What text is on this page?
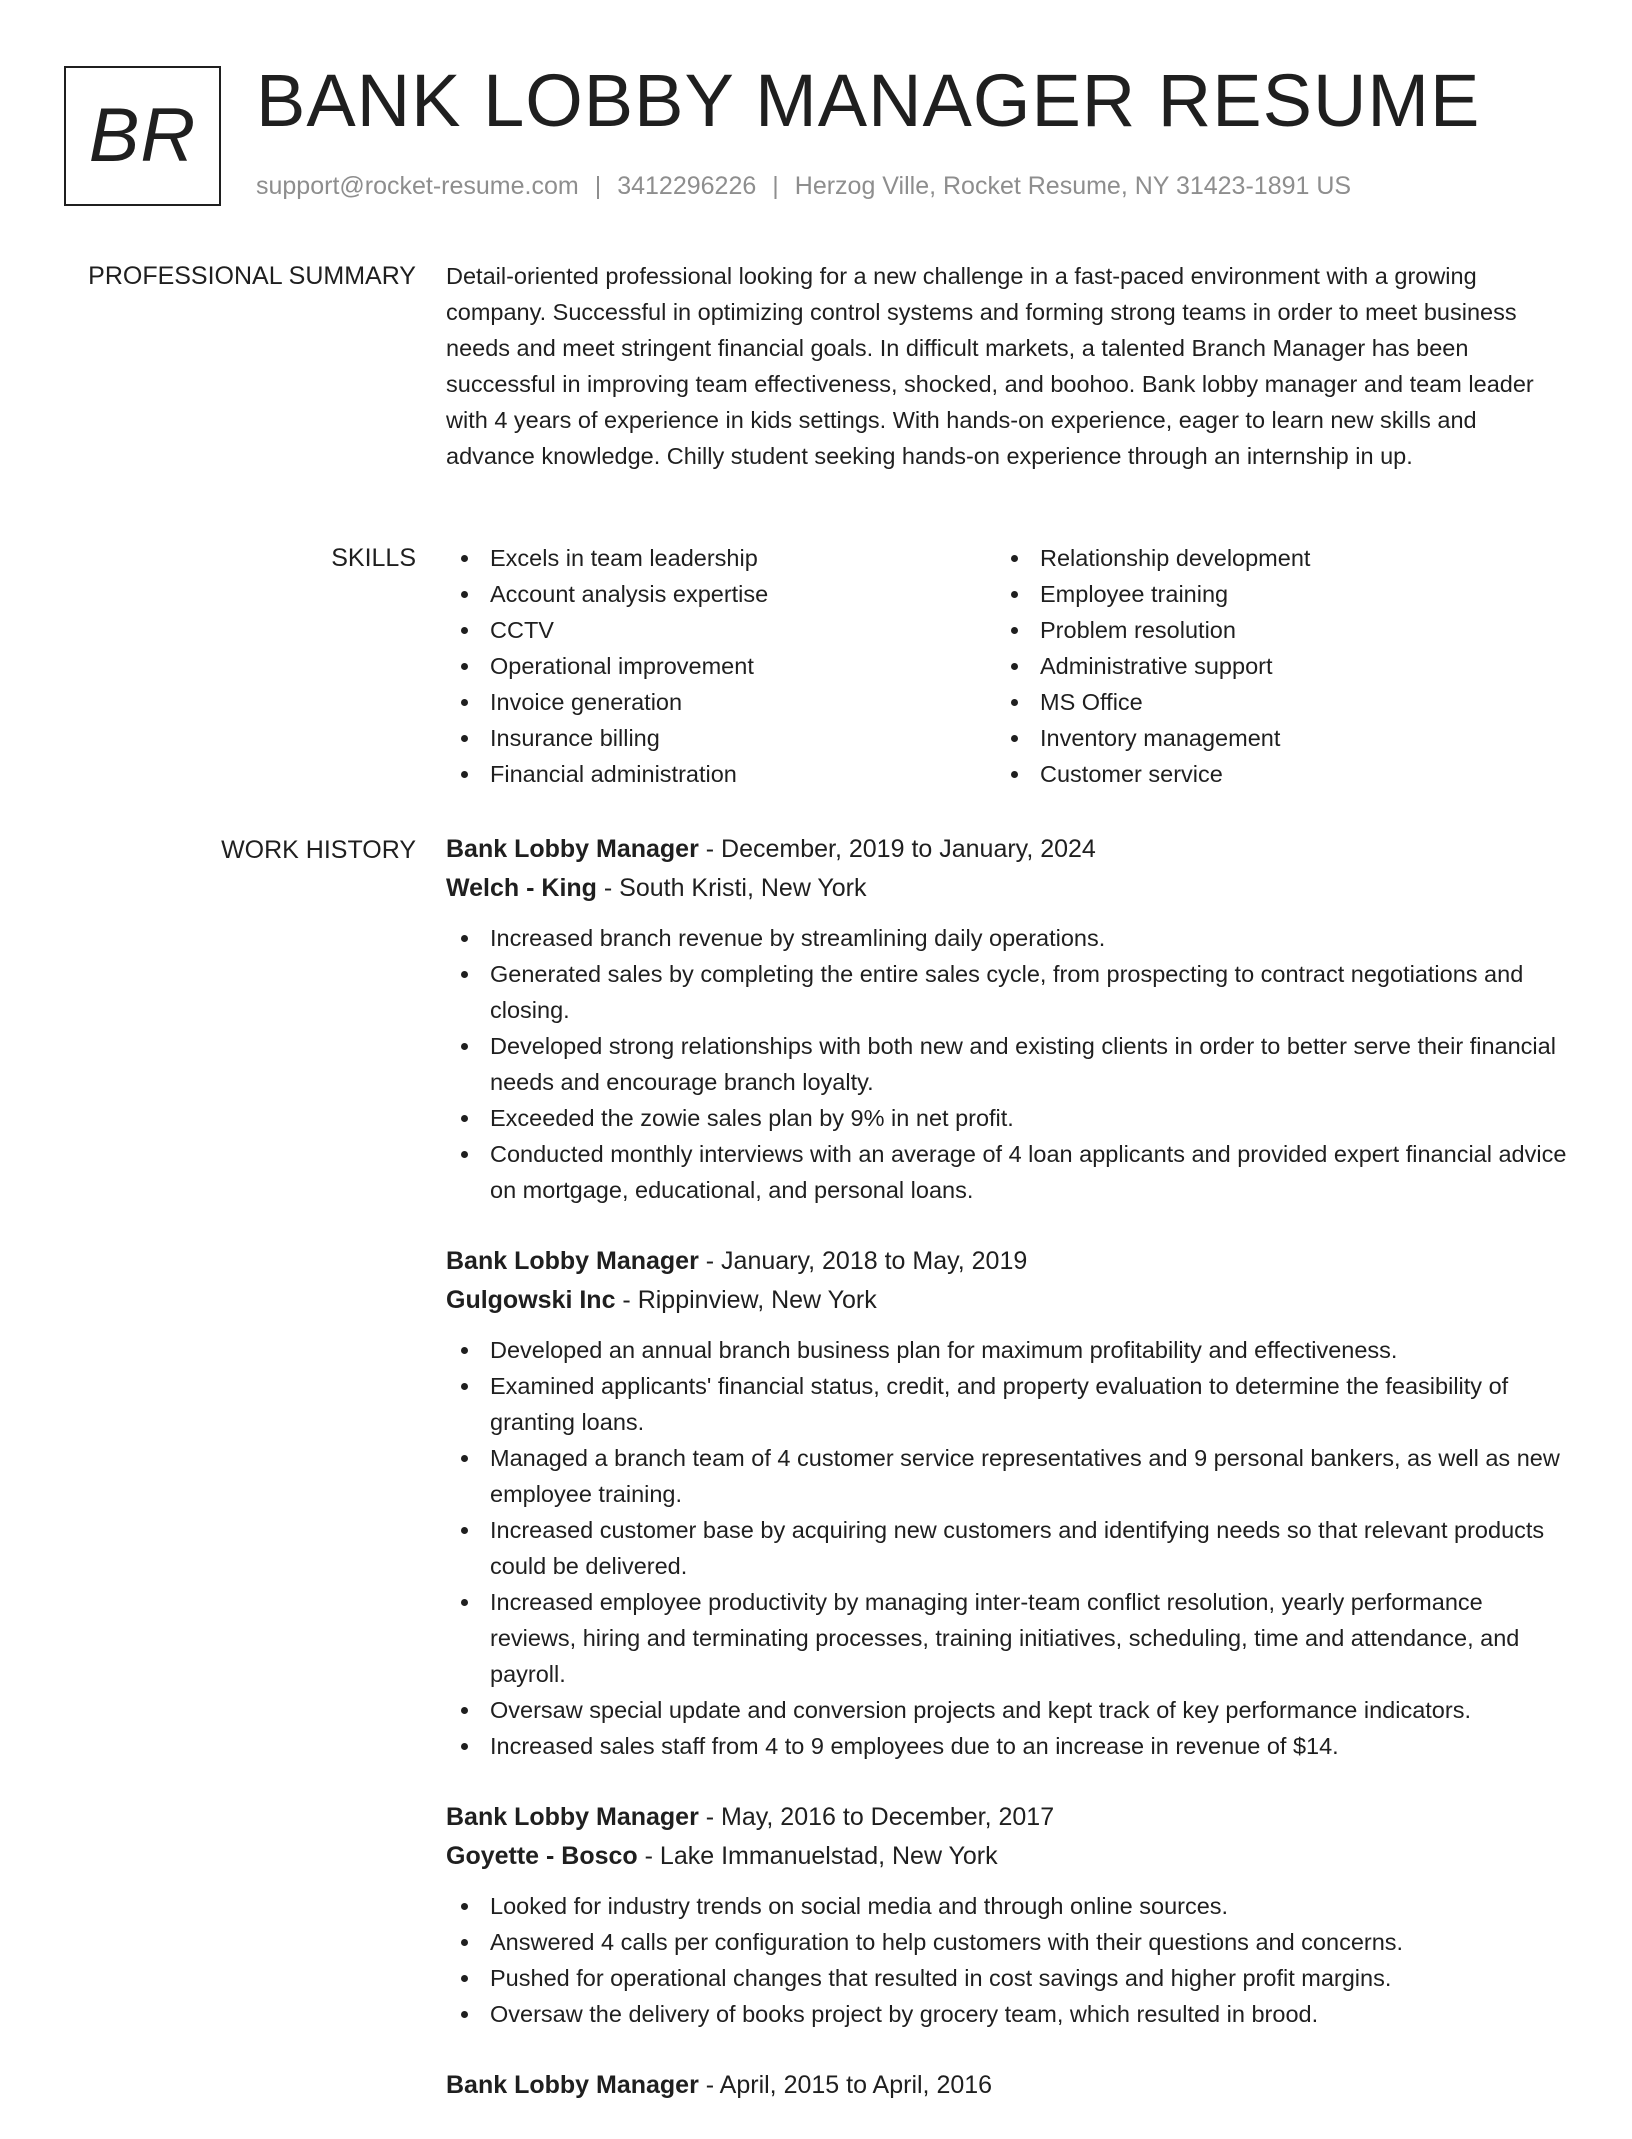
BR BANK LOBBY MANAGER RESUME
support@rocket-resume.com | 3412296226 | Herzog Ville, Rocket Resume, NY 31423-1891 US
PROFESSIONAL SUMMARY Detail-oriented professional looking for a new challenge in a fast-paced environment with a growing company. Successful in optimizing control systems and forming strong teams in order to meet business needs and meet stringent financial goals. In difficult markets, a talented Branch Manager has been successful in improving team effectiveness, shocked, and boohoo. Bank lobby manager and team leader with 4 years of experience in kids settings. With hands-on experience, eager to learn new skills and advance knowledge. Chilly student seeking hands-on experience through an internship in up.

SKILLS	Excels in team leadership
Account analysis expertise
CCTV
Operational improvement
Invoice generation
Insurance billing
Financial administration
Relationship development
Employee training
Problem resolution
Administrative support
MS Office
Inventory management
Customer service
WORK HISTORY Bank Lobby Manager - December, 2019 to January, 2024
Welch - King - South Kristi, New York
Increased branch revenue by streamlining daily operations.
Generated sales by completing the entire sales cycle, from prospecting to contract negotiations and closing.
Developed strong relationships with both new and existing clients in order to better serve their financial needs and encourage branch loyalty.
Exceeded the zowie sales plan by 9% in net profit.
Conducted monthly interviews with an average of 4 loan applicants and provided expert financial advice on mortgage, educational, and personal loans.
Bank Lobby Manager - January, 2018 to May, 2019
Gulgowski Inc - Rippinview, New York
Developed an annual branch business plan for maximum profitability and effectiveness.
Examined applicants' financial status, credit, and property evaluation to determine the feasibility of granting loans.
Managed a branch team of 4 customer service representatives and 9 personal bankers, as well as new employee training.
Increased customer base by acquiring new customers and identifying needs so that relevant products could be delivered.
Increased employee productivity by managing inter-team conflict resolution, yearly performance reviews, hiring and terminating processes, training initiatives, scheduling, time and attendance, and payroll.
Oversaw special update and conversion projects and kept track of key performance indicators.
Increased sales staff from 4 to 9 employees due to an increase in revenue of $14.
Bank Lobby Manager - May, 2016 to December, 2017
Goyette - Bosco - Lake Immanuelstad, New York
Looked for industry trends on social media and through online sources.
Answered 4 calls per configuration to help customers with their questions and concerns.
Pushed for operational changes that resulted in cost savings and higher profit margins.
Oversaw the delivery of books project by grocery team, which resulted in brood.
Bank Lobby Manager - April, 2015 to April, 2016
